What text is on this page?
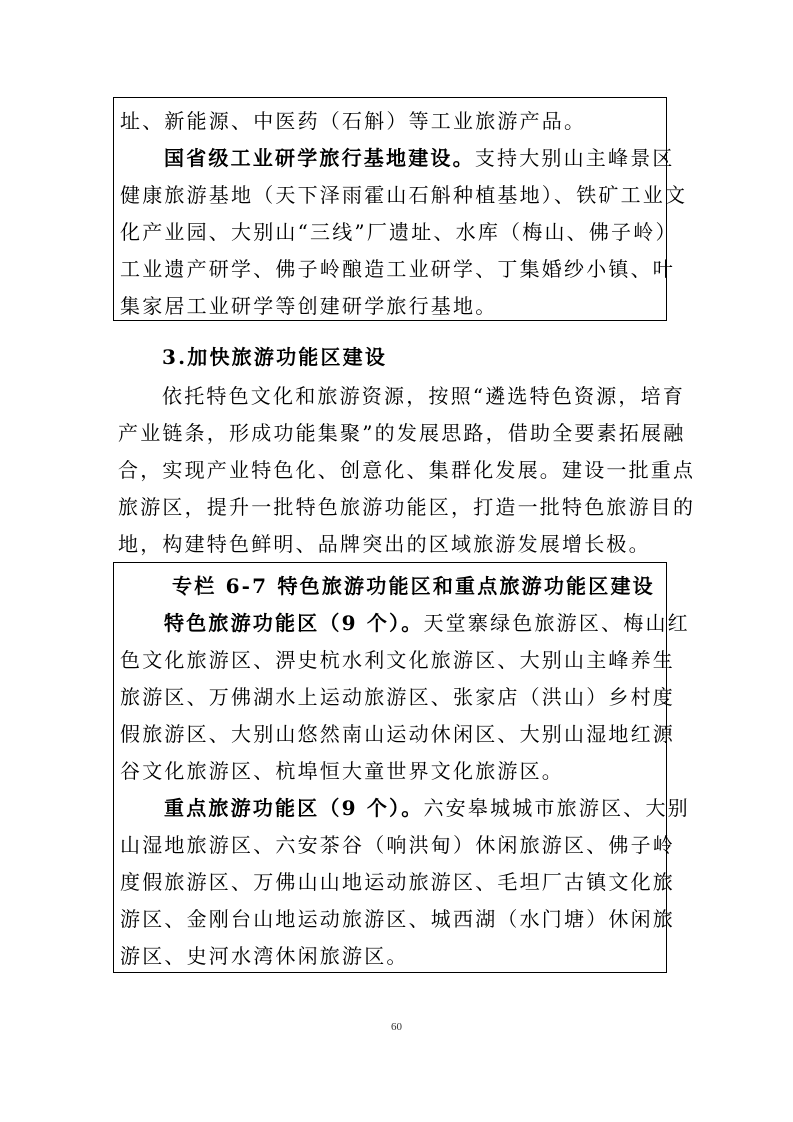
址、新能源、中医药（石斛）等工业旅游产品。
国省级工业研学旅行基地建设。支持大别山主峰景区
健康旅游基地（天下泽雨霍山石斛种植基地）、铁矿工业文
化产业园、大别山“三线”厂遗址、水库（梅山、佛子岭）
工业遗产研学、佛子岭酿造工业研学、丁集婚纱小镇、叶
集家居工业研学等创建研学旅行基地。
3.加快旅游功能区建设
依托特色文化和旅游资源，按照“遴选特色资源，培育
产业链条，形成功能集聚”的发展思路，借助全要素拓展融
合，实现产业特色化、创意化、集群化发展。建设一批重点
旅游区，提升一批特色旅游功能区，打造一批特色旅游目的
地，构建特色鲜明、品牌突出的区域旅游发展增长极。
专栏 6-7 特色旅游功能区和重点旅游功能区建设
特色旅游功能区（9 个）。天堂寨绿色旅游区、梅山红
色文化旅游区、淠史杭水利文化旅游区、大别山主峰养生
旅游区、万佛湖水上运动旅游区、张家店（洪山）乡村度
假旅游区、大别山悠然南山运动休闲区、大别山湿地红源
谷文化旅游区、杭埠恒大童世界文化旅游区。
重点旅游功能区（9 个）。六安皋城城市旅游区、大别
山湿地旅游区、六安茶谷（响洪甸）休闲旅游区、佛子岭
度假旅游区、万佛山山地运动旅游区、毛坦厂古镇文化旅
游区、金刚台山地运动旅游区、城西湖（水门塘）休闲旅
游区、史河水湾休闲旅游区。
60
